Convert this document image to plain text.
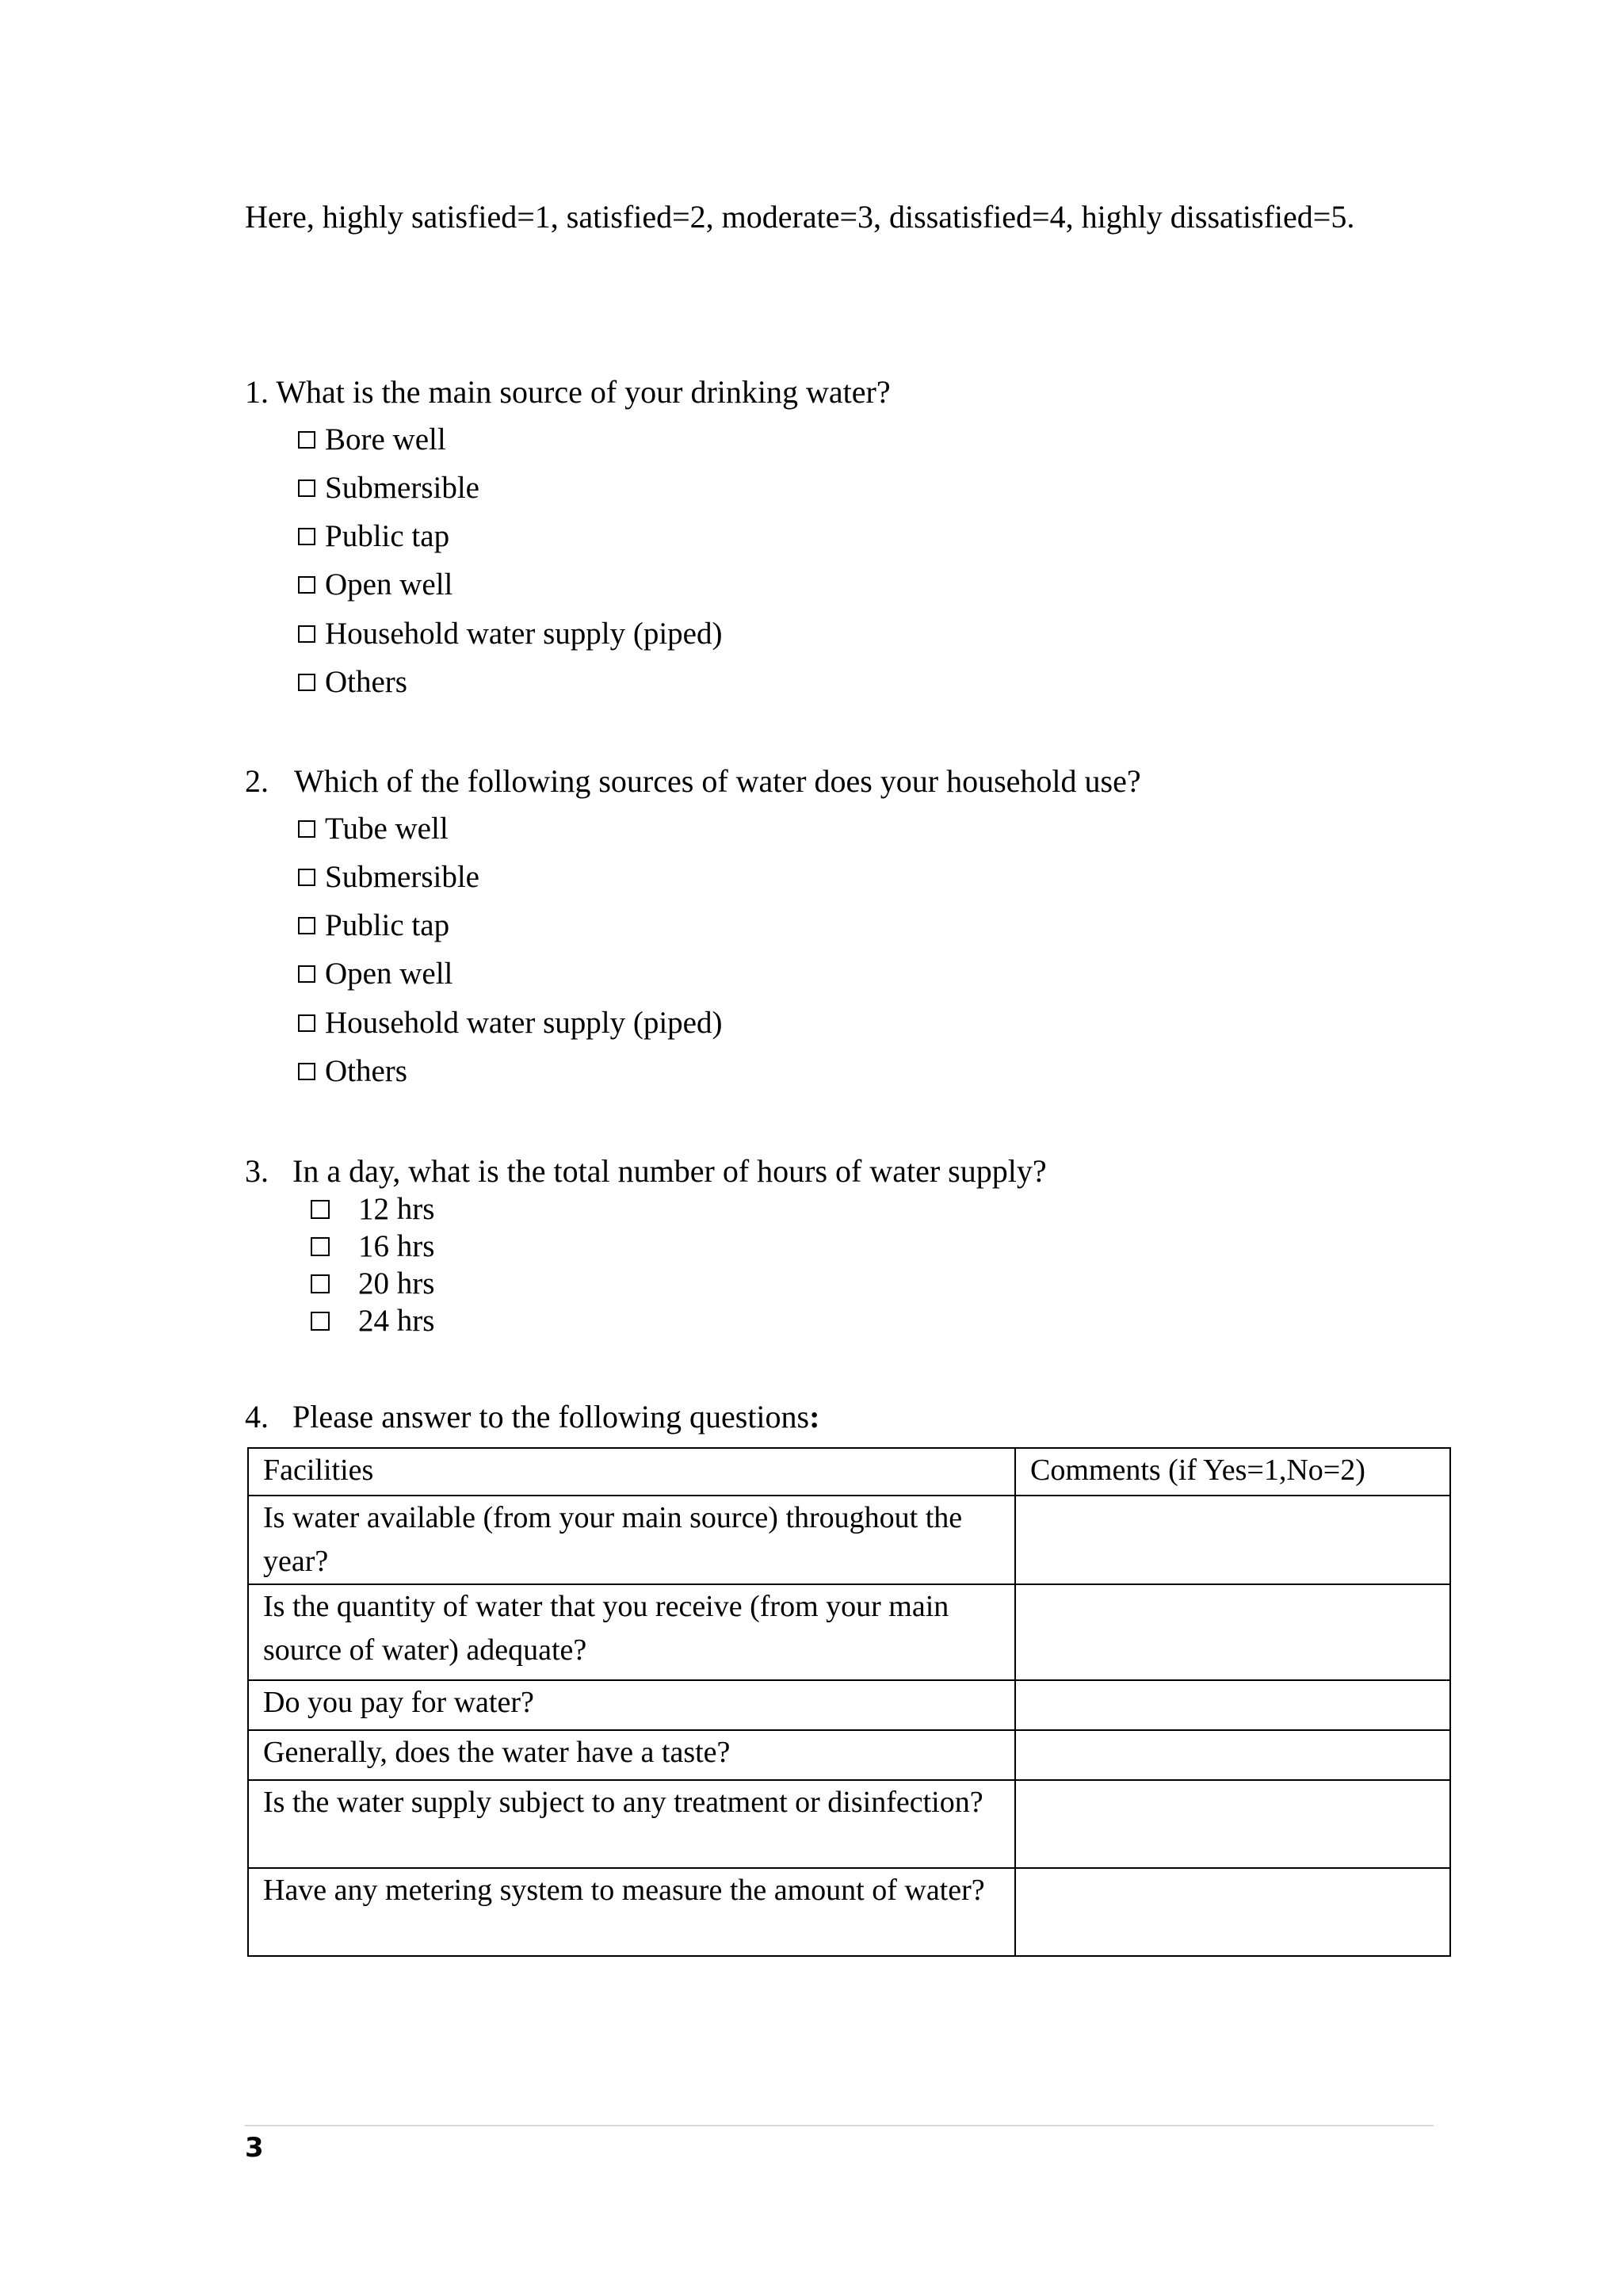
Here, highly satisfied=1, satisfied=2, moderate=3, dissatisfied=4, highly dissatisfied=5.
1. What is the main source of your drinking water?
Bore well
Submersible
Public tap
Open well
Household water supply (piped)
Others
2. Which of the following sources of water does your household use?
Tube well
Submersible
Public tap
Open well
Household water supply (piped)
Others
3. In a day, what is the total number of hours of water supply?
12 hrs
16 hrs
20 hrs
24 hrs
4. Please answer to the following questions:
Facilities	Comments (if Yes=1,No=2)
Is water available (from your main source) throughout the year?	
Is the quantity of water that you receive (from your main source of water) adequate?	
Do you pay for water?	
Generally, does the water have a taste?	
Is the water supply subject to any treatment or disinfection?	
Have any metering system to measure the amount of water?	
3
